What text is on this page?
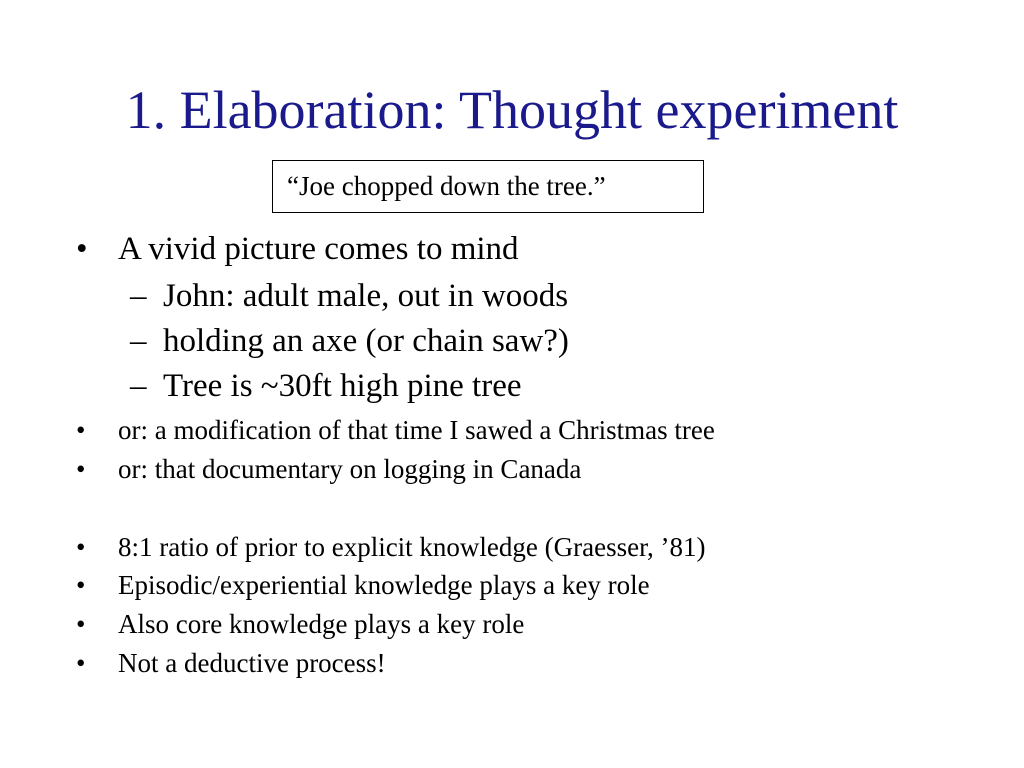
1. Elaboration: Thought experiment
“Joe chopped down the tree.”
• A vivid picture comes to mind
– John: adult male, out in woods
– holding an axe (or chain saw?)
– Tree is ~30ft high pine tree
• or: a modification of that time I sawed a Christmas tree
• or: that documentary on logging in Canada
• 8:1 ratio of prior to explicit knowledge (Graesser, ’81)
• Episodic/experiential knowledge plays a key role
• Also core knowledge plays a key role
• Not a deductive process!
